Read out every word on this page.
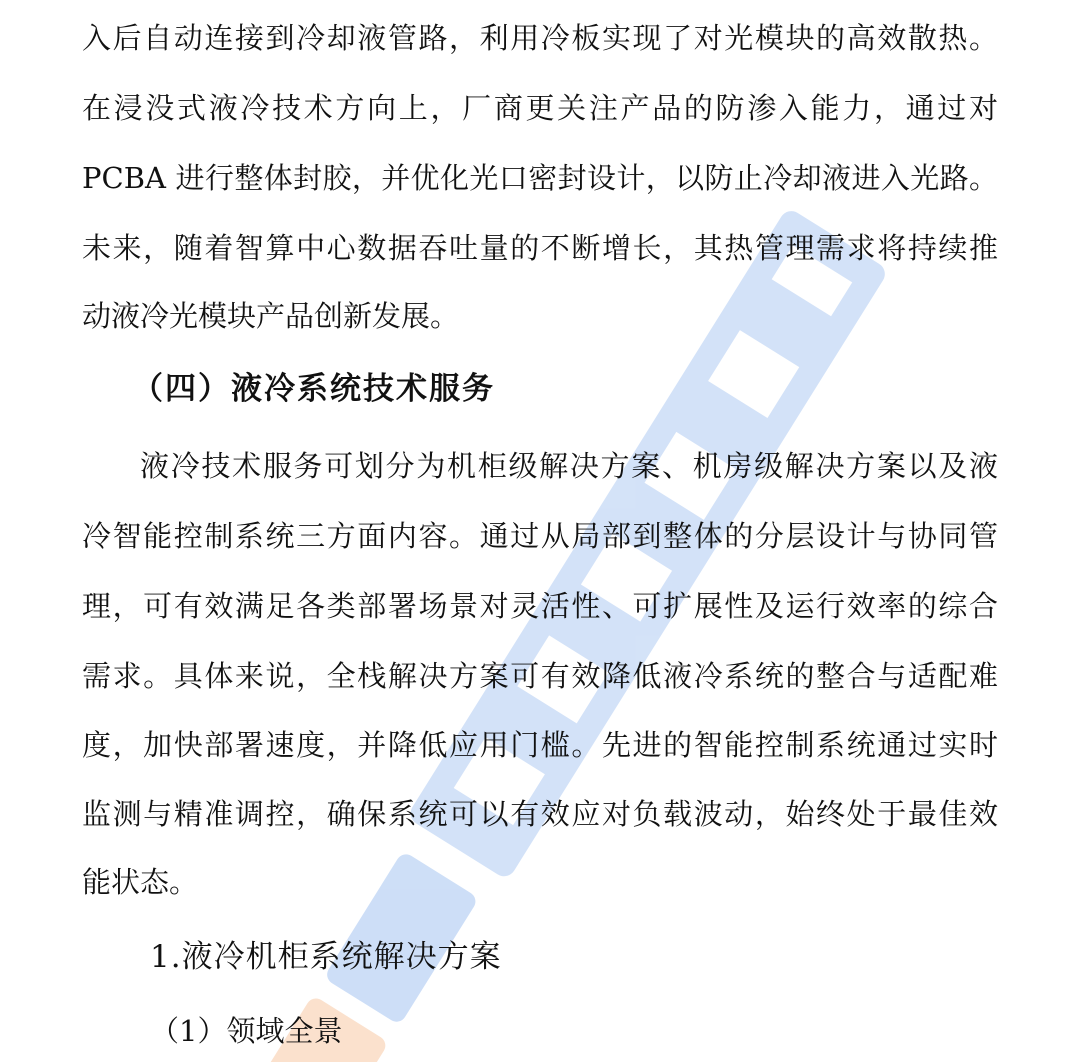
入后自动连接到冷却液管路，利用冷板实现了对光模块的高效散热。
在浸没式液冷技术方向上，厂商更关注产品的防渗入能力，通过对
PCBA 进行整体封胶，并优化光口密封设计，以防止冷却液进入光路。
未来，随着智算中心数据吞吐量的不断增长，其热管理需求将持续推
动液冷光模块产品创新发展。
（四）液冷系统技术服务
液冷技术服务可划分为机柜级解决方案、机房级解决方案以及液
冷智能控制系统三方面内容。通过从局部到整体的分层设计与协同管
理，可有效满足各类部署场景对灵活性、可扩展性及运行效率的综合
需求。具体来说，全栈解决方案可有效降低液冷系统的整合与适配难
度，加快部署速度，并降低应用门槛。先进的智能控制系统通过实时
监测与精准调控，确保系统可以有效应对负载波动，始终处于最佳效
能状态。
1.液冷机柜系统解决方案
（1）领域全景
